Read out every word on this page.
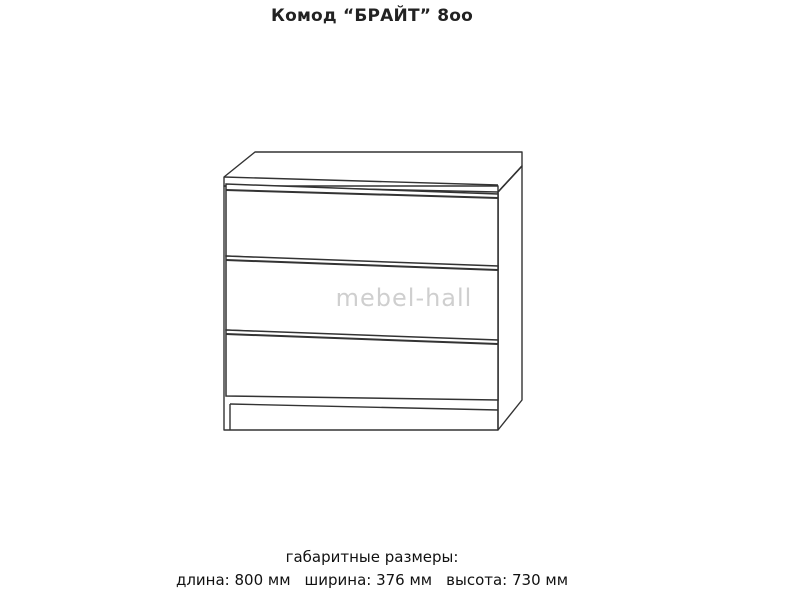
Комод “БРАЙТ” 8oo
mebel-hall
габаритные размеры:
длина: 800 мм ширина: 376 мм высота: 730 мм
